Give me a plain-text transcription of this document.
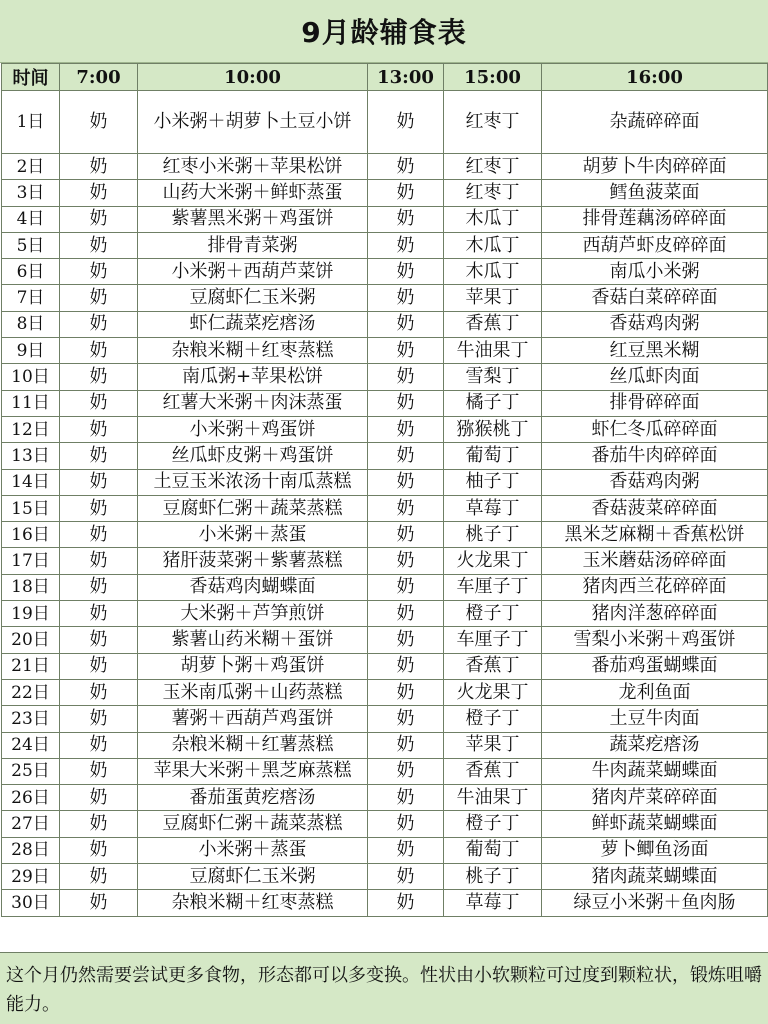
9月龄辅食表
时间	7:00	10:00	13:00	15:00	16:00
1日	奶	小米粥＋胡萝卜土豆小饼	奶	红枣丁	杂蔬碎碎面
2日	奶	红枣小米粥＋苹果松饼	奶	红枣丁	胡萝卜牛肉碎碎面
3日	奶	山药大米粥＋鲜虾蒸蛋	奶	红枣丁	鳕鱼菠菜面
4日	奶	紫薯黑米粥＋鸡蛋饼	奶	木瓜丁	排骨莲藕汤碎碎面
5日	奶	排骨青菜粥	奶	木瓜丁	西葫芦虾皮碎碎面
6日	奶	小米粥＋西葫芦菜饼	奶	木瓜丁	南瓜小米粥
7日	奶	豆腐虾仁玉米粥	奶	苹果丁	香菇白菜碎碎面
8日	奶	虾仁蔬菜疙瘩汤	奶	香蕉丁	香菇鸡肉粥
9日	奶	杂粮米糊＋红枣蒸糕	奶	牛油果丁	红豆黑米糊
10日	奶	南瓜粥+苹果松饼	奶	雪梨丁	丝瓜虾肉面
11日	奶	红薯大米粥＋肉沫蒸蛋	奶	橘子丁	排骨碎碎面
12日	奶	小米粥＋鸡蛋饼	奶	猕猴桃丁	虾仁冬瓜碎碎面
13日	奶	丝瓜虾皮粥＋鸡蛋饼	奶	葡萄丁	番茄牛肉碎碎面
14日	奶	土豆玉米浓汤十南瓜蒸糕	奶	柚子丁	香菇鸡肉粥
15日	奶	豆腐虾仁粥＋蔬菜蒸糕	奶	草莓丁	香菇菠菜碎碎面
16日	奶	小米粥＋蒸蛋	奶	桃子丁	黑米芝麻糊＋香蕉松饼
17日	奶	猪肝菠菜粥＋紫薯蒸糕	奶	火龙果丁	玉米蘑菇汤碎碎面
18日	奶	香菇鸡肉蝴蝶面	奶	车厘子丁	猪肉西兰花碎碎面
19日	奶	大米粥＋芦笋煎饼	奶	橙子丁	猪肉洋葱碎碎面
20日	奶	紫薯山药米糊＋蛋饼	奶	车厘子丁	雪梨小米粥＋鸡蛋饼
21日	奶	胡萝卜粥＋鸡蛋饼	奶	香蕉丁	番茄鸡蛋蝴蝶面
22日	奶	玉米南瓜粥＋山药蒸糕	奶	火龙果丁	龙利鱼面
23日	奶	薯粥＋西葫芦鸡蛋饼	奶	橙子丁	土豆牛肉面
24日	奶	杂粮米糊＋红薯蒸糕	奶	苹果丁	蔬菜疙瘩汤
25日	奶	苹果大米粥＋黑芝麻蒸糕	奶	香蕉丁	牛肉蔬菜蝴蝶面
26日	奶	番茄蛋黄疙瘩汤	奶	牛油果丁	猪肉芹菜碎碎面
27日	奶	豆腐虾仁粥＋蔬菜蒸糕	奶	橙子丁	鲜虾蔬菜蝴蝶面
28日	奶	小米粥＋蒸蛋	奶	葡萄丁	萝卜鲫鱼汤面
29日	奶	豆腐虾仁玉米粥	奶	桃子丁	猪肉蔬菜蝴蝶面
30日	奶	杂粮米糊＋红枣蒸糕	奶	草莓丁	绿豆小米粥＋鱼肉肠
这个月仍然需要尝试更多食物，形态都可以多变换。性状由小软颗粒可过度到颗粒状，锻炼咀嚼能力。
